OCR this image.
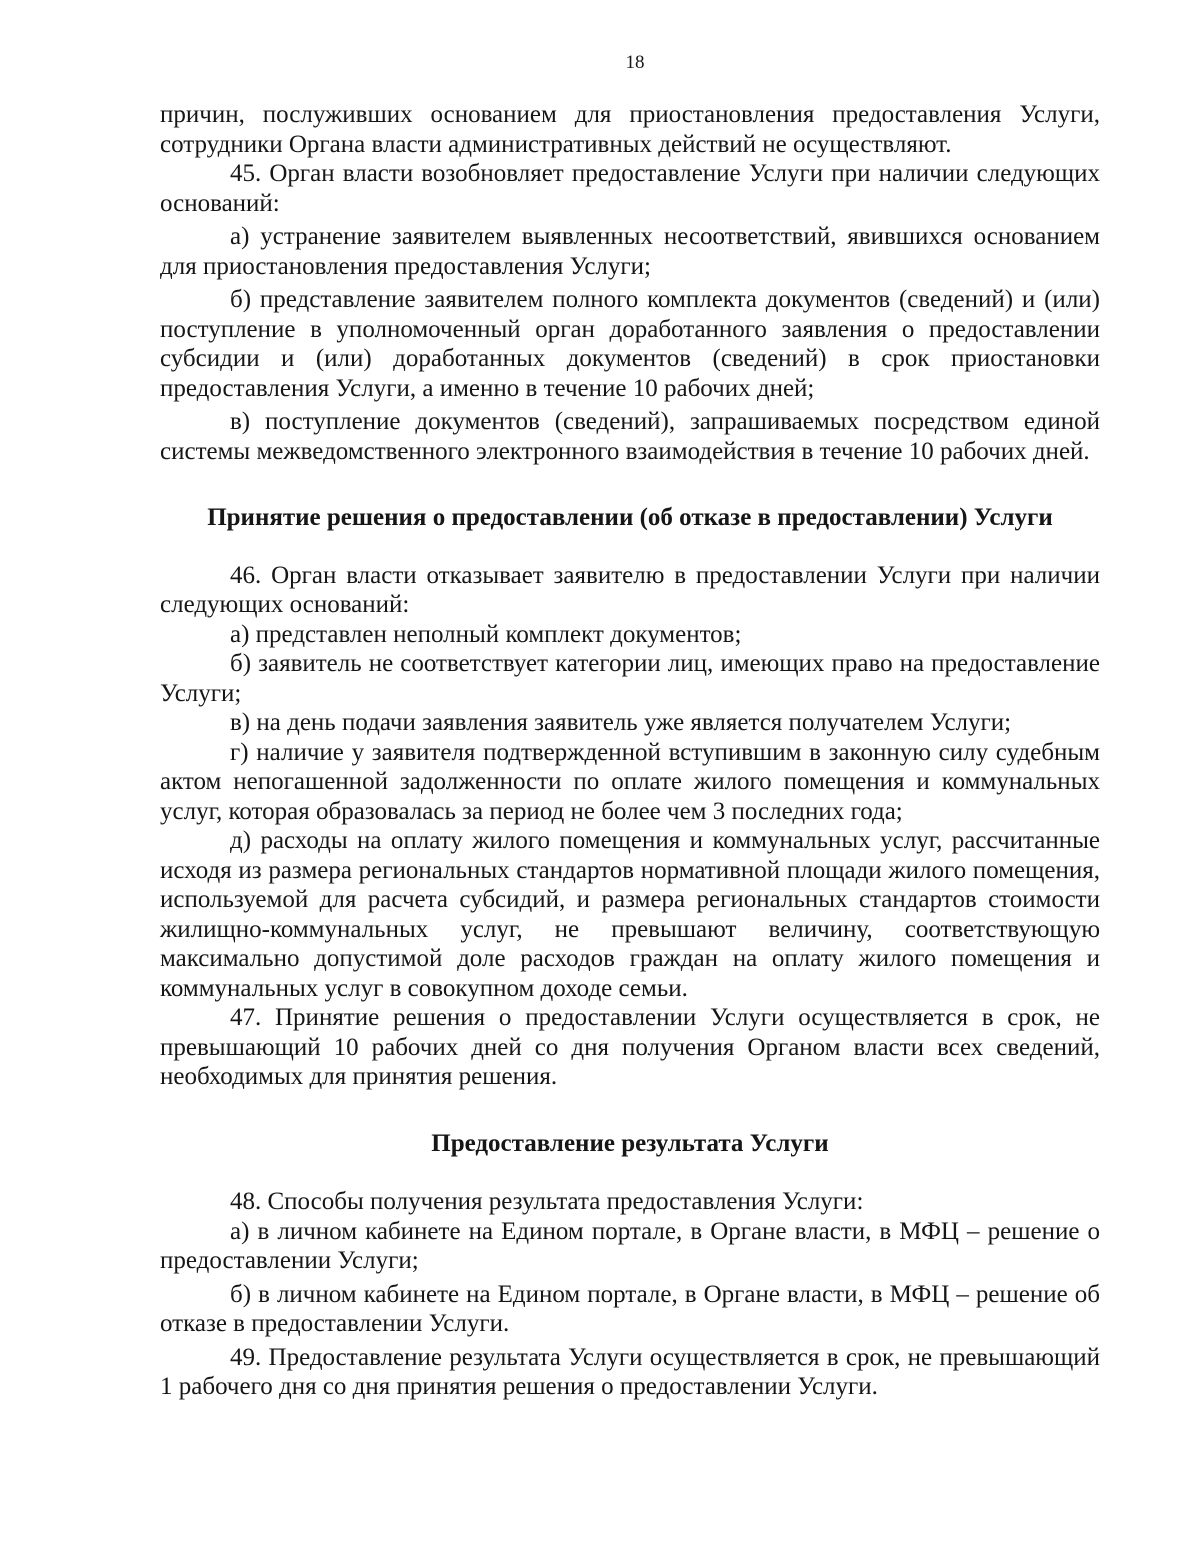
18

причин, послуживших основанием для приостановления предоставления Услуги, сотрудники Органа власти административных действий не осуществляют.

45. Орган власти возобновляет предоставление Услуги при наличии следующих оснований:

а) устранение заявителем выявленных несоответствий, явившихся основанием для приостановления предоставления Услуги;

б) представление заявителем полного комплекта документов (сведений) и (или) поступление в уполномоченный орган доработанного заявления о предоставлении субсидии и (или) доработанных документов (сведений) в срок приостановки предоставления Услуги, а именно в течение 10 рабочих дней;

в) поступление документов (сведений), запрашиваемых посредством единой системы межведомственного электронного взаимодействия в течение 10 рабочих дней.

Принятие решения о предоставлении (об отказе в предоставлении) Услуги

46. Орган власти отказывает заявителю в предоставлении Услуги при наличии следующих оснований:

а) представлен неполный комплект документов;

б) заявитель не соответствует категории лиц, имеющих право на предоставление Услуги;

в) на день подачи заявления заявитель уже является получателем Услуги;

г) наличие у заявителя подтвержденной вступившим в законную силу судебным актом непогашенной задолженности по оплате жилого помещения и коммунальных услуг, которая образовалась за период не более чем 3 последних года;

д) расходы на оплату жилого помещения и коммунальных услуг, рассчитанные исходя из размера региональных стандартов нормативной площади жилого помещения, используемой для расчета субсидий, и размера региональных стандартов стоимости жилищно-коммунальных услуг, не превышают величину, соответствующую максимально допустимой доле расходов граждан на оплату жилого помещения и коммунальных услуг в совокупном доходе семьи.

47. Принятие решения о предоставлении Услуги осуществляется в срок, не превышающий 10 рабочих дней со дня получения Органом власти всех сведений, необходимых для принятия решения.

Предоставление результата Услуги

48. Способы получения результата предоставления Услуги:

а) в личном кабинете на Едином портале, в Органе власти, в МФЦ – решение о предоставлении Услуги;

б) в личном кабинете на Едином портале, в Органе власти, в МФЦ – решение об отказе в предоставлении Услуги.

49. Предоставление результата Услуги осуществляется в срок, не превышающий 1 рабочего дня со дня принятия решения о предоставлении Услуги.
